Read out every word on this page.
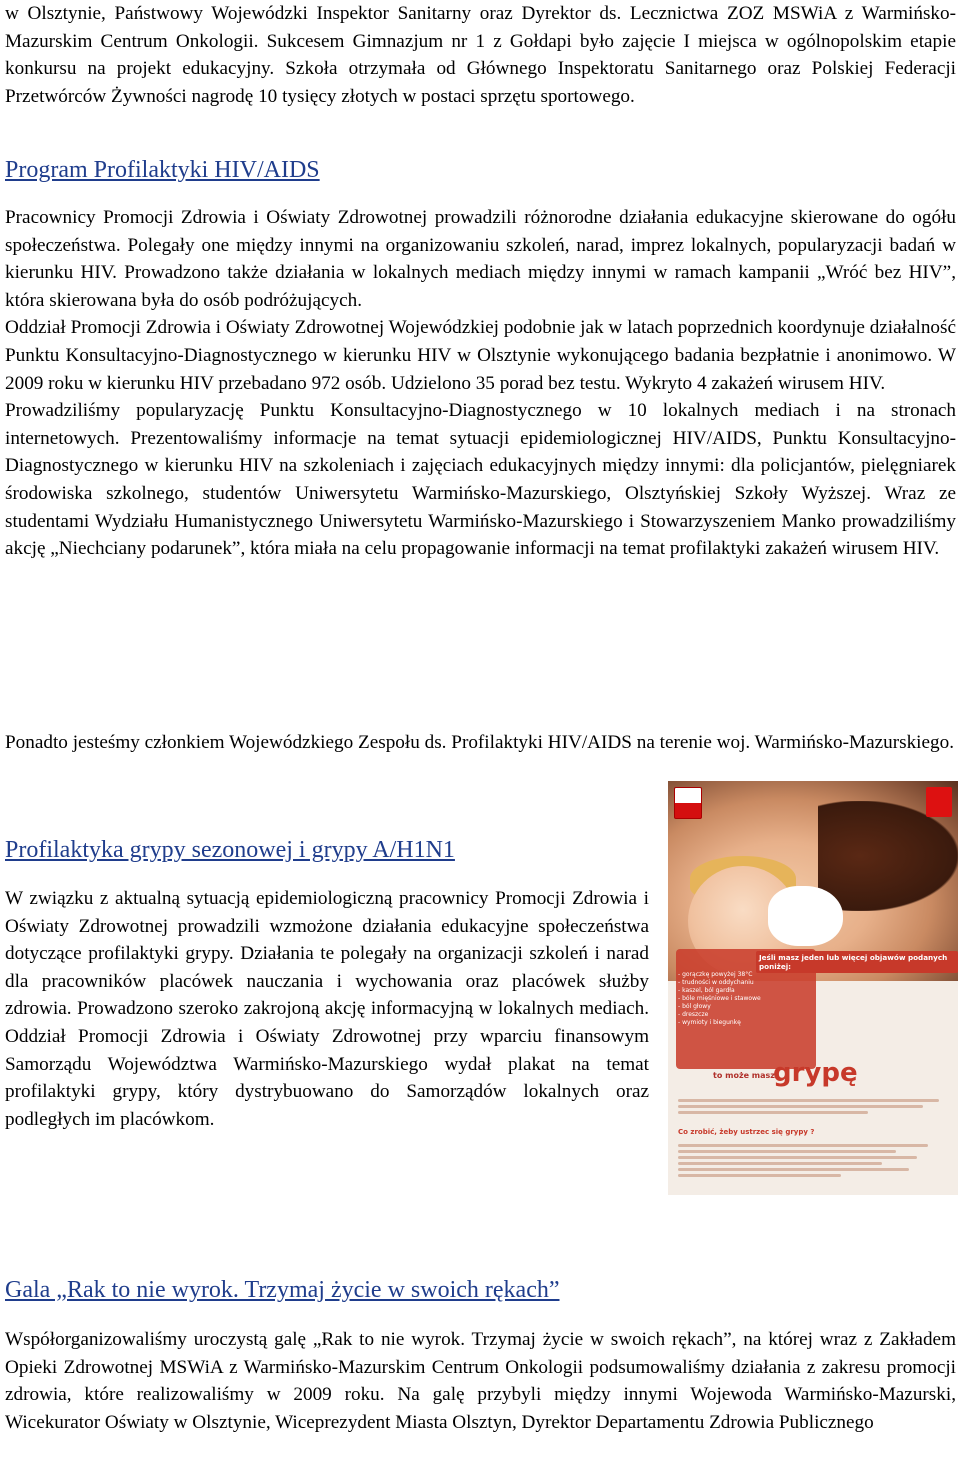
w Olsztynie, Państwowy Wojewódzki Inspektor Sanitarny oraz Dyrektor ds. Lecznictwa ZOZ MSWiA z Warmińsko-Mazurskim Centrum Onkologii. Sukcesem Gimnazjum nr 1 z Gołdapi było zajęcie I miejsca w ogólnopolskim etapie konkursu na projekt edukacyjny. Szkoła otrzymała od Głównego Inspektoratu Sanitarnego oraz Polskiej Federacji Przetwórców Żywności nagrodę 10 tysięcy złotych w postaci sprzętu sportowego.

Program Profilaktyki HIV/AIDS

Pracownicy Promocji Zdrowia i Oświaty Zdrowotnej prowadzili różnorodne działania edukacyjne skierowane do ogółu społeczeństwa. Polegały one między innymi na organizowaniu szkoleń, narad, imprez lokalnych, popularyzacji badań w kierunku HIV. Prowadzono także działania w lokalnych mediach między innymi w ramach kampanii „Wróć bez HIV”, która skierowana była do osób podróżujących.

Oddział Promocji Zdrowia i Oświaty Zdrowotnej Wojewódzkiej podobnie jak w latach poprzednich koordynuje działalność Punktu Konsultacyjno-Diagnostycznego w kierunku HIV w Olsztynie wykonującego badania bezpłatnie i anonimowo. W 2009 roku w kierunku HIV przebadano 972 osób. Udzielono 35 porad bez testu. Wykryto 4 zakażeń wirusem HIV.

Prowadziliśmy popularyzację Punktu Konsultacyjno-Diagnostycznego w 10 lokalnych mediach i na stronach internetowych. Prezentowaliśmy informacje na temat sytuacji epidemiologicznej HIV/AIDS, Punktu Konsultacyjno-Diagnostycznego w kierunku HIV na szkoleniach i zajęciach edukacyjnych między innymi: dla policjantów, pielęgniarek środowiska szkolnego, studentów Uniwersytetu Warmińsko-Mazurskiego, Olsztyńskiej Szkoły Wyższej. Wraz ze studentami Wydziału Humanistycznego Uniwersytetu Warmińsko-Mazurskiego i Stowarzyszeniem Manko prowadziliśmy akcję „Niechciany podarunek”, która miała na celu propagowanie informacji na temat profilaktyki zakażeń wirusem HIV.

Ponadto jesteśmy członkiem Wojewódzkiego Zespołu ds. Profilaktyki HIV/AIDS na terenie woj. Warmińsko-Mazurskiego.

Profilaktyka grypy sezonowej i grypy A/H1N1

W związku z aktualną sytuacją epidemiologiczną pracownicy Promocji Zdrowia i Oświaty Zdrowotnej prowadzili wzmożone działania edukacyjne społeczeństwa dotyczące profilaktyki grypy. Działania te polegały na organizacji szkoleń i narad dla pracowników placówek nauczania i wychowania oraz placówek służby zdrowia. Prowadzono szeroko zakrojoną akcję informacyjną w lokalnych mediach. Oddział Promocji Zdrowia i Oświaty Zdrowotnej przy wparciu finansowym Samorządu Województwa Warmińsko-Mazurskiego wydał plakat na temat profilaktyki grypy, który dystrybuowano do Samorządów lokalnych oraz podległych im placówkom.

Gala „Rak to nie wyrok. Trzymaj życie w swoich rękach”

Współorganizowaliśmy uroczystą galę „Rak to nie wyrok. Trzymaj życie w swoich rękach”, na której wraz z Zakładem Opieki Zdrowotnej MSWiA z Warmińsko-Mazurskim Centrum Onkologii podsumowaliśmy działania z zakresu promocji zdrowia, które realizowaliśmy w 2009 roku. Na galę przybyli między innymi Wojewoda Warmińsko-Mazurski, Wicekurator Oświaty w Olsztynie, Wiceprezydent Miasta Olsztyn, Dyrektor Departamentu Zdrowia Publicznego

Jeśli masz jeden lub więcej objawów podanych poniżej:
- gorączkę powyżej 38°C
- trudności w oddychaniu
- kaszel, ból gardła
- bóle mięśniowe i stawowe
- ból głowy
- dreszcze
- wymioty i biegunkę
to może masz
grypę
Co zrobić, żeby ustrzec się grypy ?
